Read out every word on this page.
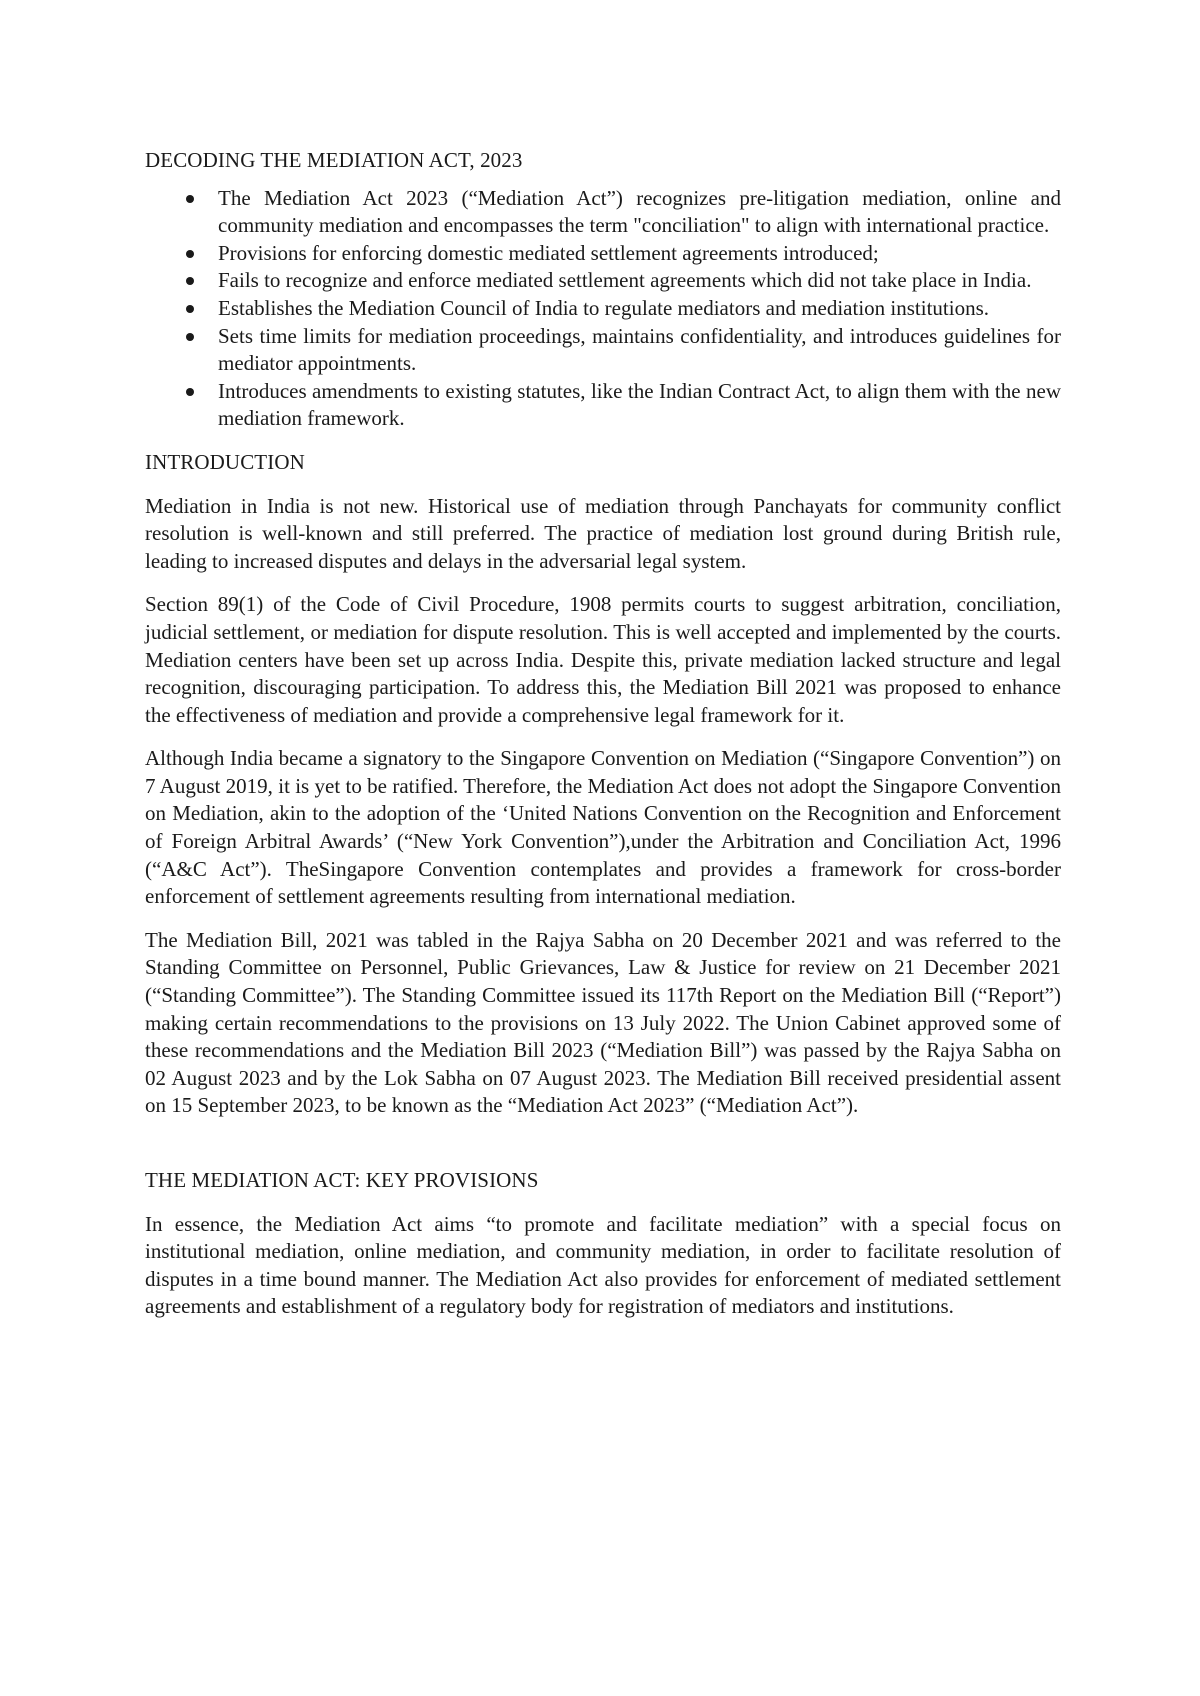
DECODING THE MEDIATION ACT, 2023
The Mediation Act 2023 (“Mediation Act”) recognizes pre-litigation mediation, online and community mediation and encompasses the term "conciliation" to align with international practice.
Provisions for enforcing domestic mediated settlement agreements introduced;
Fails to recognize and enforce mediated settlement agreements which did not take place in India.
Establishes the Mediation Council of India to regulate mediators and mediation institutions.
Sets time limits for mediation proceedings, maintains confidentiality, and introduces guidelines for mediator appointments.
Introduces amendments to existing statutes, like the Indian Contract Act, to align them with the new mediation framework.
INTRODUCTION

Mediation in India is not new. Historical use of mediation through Panchayats for community conflict resolution is well-known and still preferred. The practice of mediation lost ground during British rule, leading to increased disputes and delays in the adversarial legal system.

Section 89(1) of the Code of Civil Procedure, 1908 permits courts to suggest arbitration, conciliation, judicial settlement, or mediation for dispute resolution. This is well accepted and implemented by the courts. Mediation centers have been set up across India. Despite this, private mediation lacked structure and legal recognition, discouraging participation. To address this, the Mediation Bill 2021 was proposed to enhance the effectiveness of mediation and provide a comprehensive legal framework for it.

Although India became a signatory to the Singapore Convention on Mediation (“Singapore Convention”) on 7 August 2019, it is yet to be ratified. Therefore, the Mediation Act does not adopt the Singapore Convention on Mediation, akin to the adoption of the ‘United Nations Convention on the Recognition and Enforcement of Foreign Arbitral Awards’ (“New York Convention”),under the Arbitration and Conciliation Act, 1996 (“A&C Act”). TheSingapore Convention contemplates and provides a framework for cross-border enforcement of settlement agreements resulting from international mediation.

The Mediation Bill, 2021 was tabled in the Rajya Sabha on 20 December 2021 and was referred to the Standing Committee on Personnel, Public Grievances, Law & Justice for review on 21 December 2021 (“Standing Committee”). The Standing Committee issued its 117th Report on the Mediation Bill (“Report”) making certain recommendations to the provisions on 13 July 2022. The Union Cabinet approved some of these recommendations and the Mediation Bill 2023 (“Mediation Bill”) was passed by the Rajya Sabha on 02 August 2023 and by the Lok Sabha on 07 August 2023. The Mediation Bill received presidential assent on 15 September 2023, to be known as the “Mediation Act 2023” (“Mediation Act”).

THE MEDIATION ACT: KEY PROVISIONS

In essence, the Mediation Act aims “to promote and facilitate mediation” with a special focus on institutional mediation, online mediation, and community mediation, in order to facilitate resolution of disputes in a time bound manner. The Mediation Act also provides for enforcement of mediated settlement agreements and establishment of a regulatory body for registration of mediators and institutions.
